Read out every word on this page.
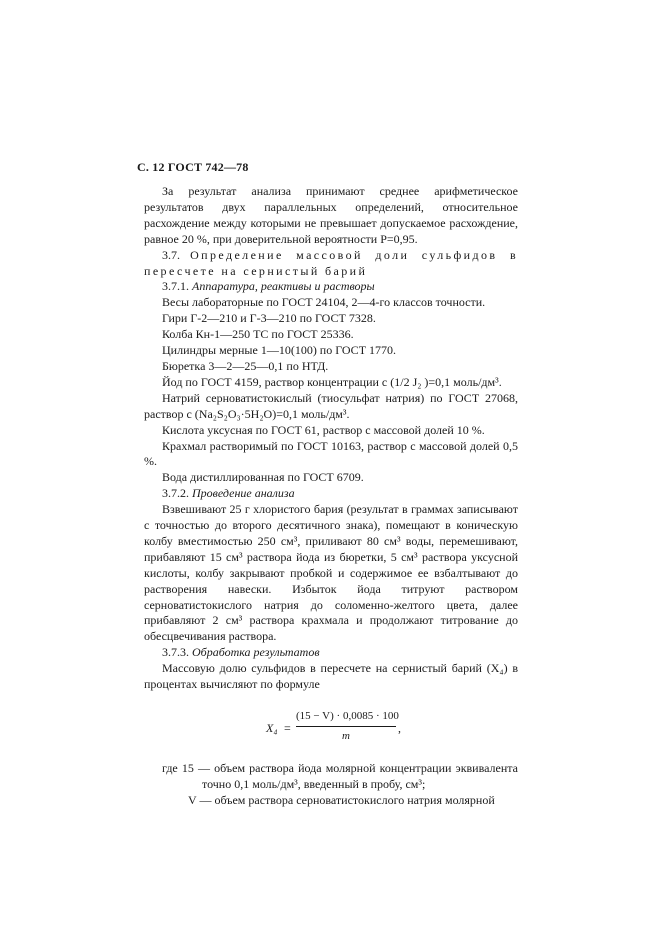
С. 12 ГОСТ 742—78

За результат анализа принимают среднее арифметическое результатов двух параллельных определений, относительное расхождение между которыми не превышает допускаемое расхождение, равное 20 %, при доверительной вероятности Р=0,95.

3.7. Определение массовой доли сульфидов в пересчете на сернистый барий

3.7.1. Аппаратура, реактивы и растворы

Весы лабораторные по ГОСТ 24104, 2—4-го классов точности.

Гири Г-2—210 и Г-3—210 по ГОСТ 7328.

Колба Кн-1—250 ТС по ГОСТ 25336.

Цилиндры мерные 1—10(100) по ГОСТ 1770.

Бюретка 3—2—25—0,1 по НТД.

Йод по ГОСТ 4159, раствор концентрации с (1/2 J₂ )=0,1 моль/дм³.

Натрий серноватистокислый (тиосульфат натрия) по ГОСТ 27068, раствор с (Na₂S₂O₃·5H₂O)=0,1 моль/дм³.

Кислота уксусная по ГОСТ 61, раствор с массовой долей 10 %.

Крахмал растворимый по ГОСТ 10163, раствор с массовой долей 0,5 %.

Вода дистиллированная по ГОСТ 6709.

3.7.2. Проведение анализа

Взвешивают 25 г хлористого бария (результат в граммах записывают с точностью до второго десятичного знака), помещают в коническую колбу вместимостью 250 см³, приливают 80 см³ воды, перемешивают, прибавляют 15 см³ раствора йода из бюретки, 5 см³ раствора уксусной кислоты, колбу закрывают пробкой и содержимое ее взбалтывают до растворения навески. Избыток йода титруют раствором серноватистокислого натрия до соломенно-желтого цвета, далее прибавляют 2 см³ раствора крахмала и продолжают титрование до обесцвечивания раствора.

3.7.3. Обработка результатов

Массовую долю сульфидов в пересчете на сернистый барий (X₄) в процентах вычисляют по формуле

X₄ =
(15 − V) · 0,0085 · 100
m
,

где 15 — объем раствора йода молярной концентрации эквивалента точно 0,1 моль/дм³, введенный в пробу, см³;

V — объем раствора серноватистокислого натрия молярной
